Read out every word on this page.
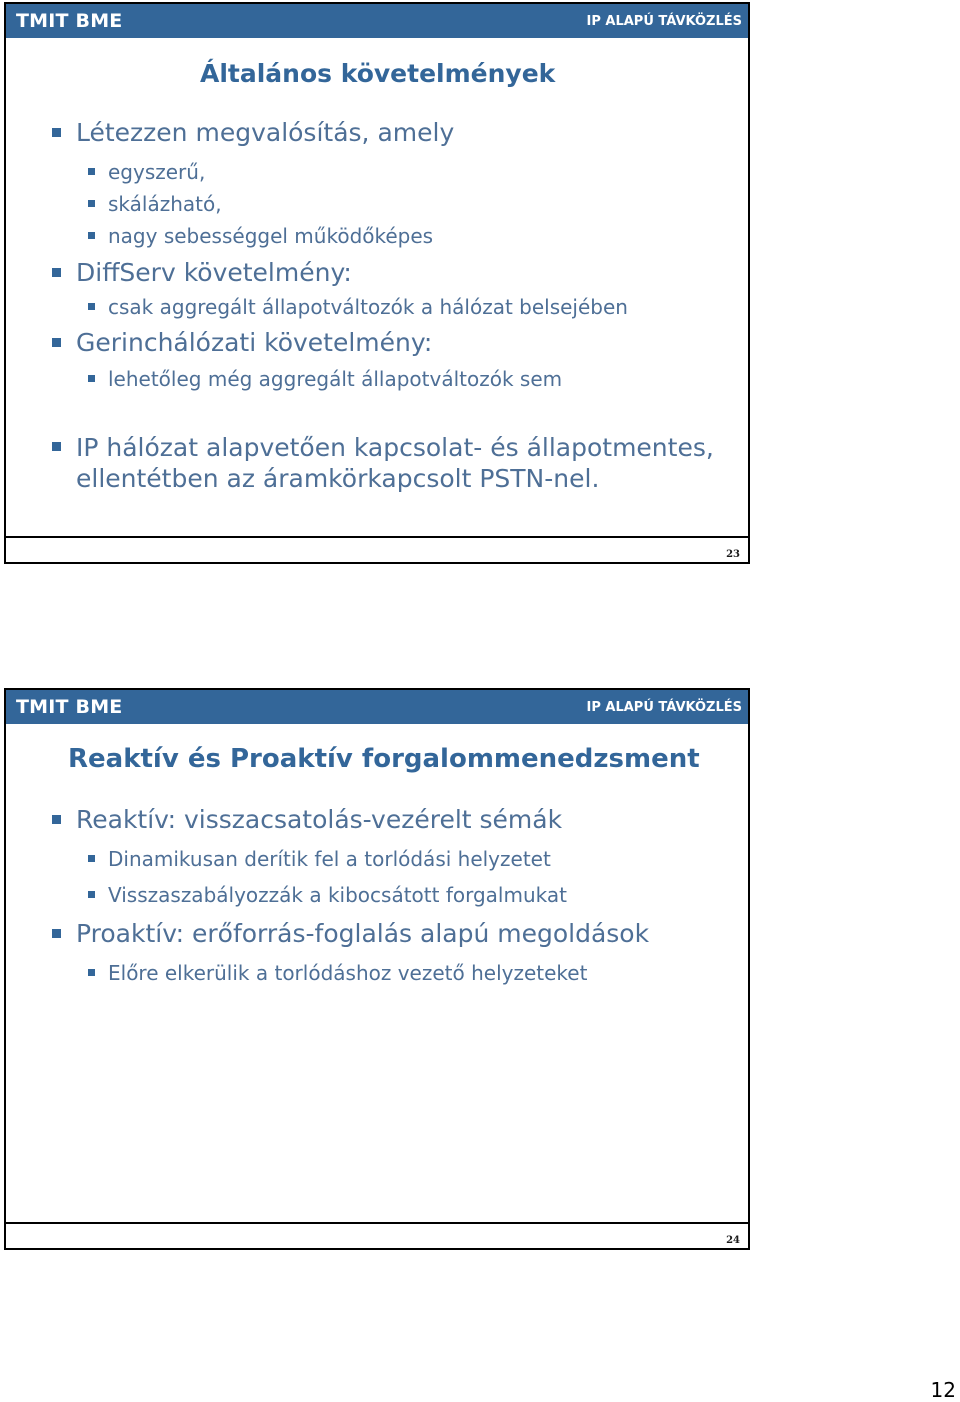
TMIT BME	IP ALAPÚ TÁVKÖZLÉS
Általános követelmények
Létezzen megvalósítás, amely
egyszerű,
skálázható,
nagy sebességgel működőképes
DiffServ követelmény:
csak aggregált állapotváltozók a hálózat belsejében
Gerinchálózati követelmény:
lehetőleg még aggregált állapotváltozók sem
IP hálózat alapvetően kapcsolat- és állapotmentes, ellentétben az áramkörkapcsolt PSTN-nel.
23
TMIT BME	IP ALAPÚ TÁVKÖZLÉS
Reaktív és Proaktív forgalommenedzsment
Reaktív: visszacsatolás-vezérelt sémák
Dinamikusan derítik fel a torlódási helyzetet
Visszaszabályozzák a kibocsátott forgalmukat
Proaktív: erőforrás-foglalás alapú megoldások
Előre elkerülik a torlódáshoz vezető helyzeteket
24
12
